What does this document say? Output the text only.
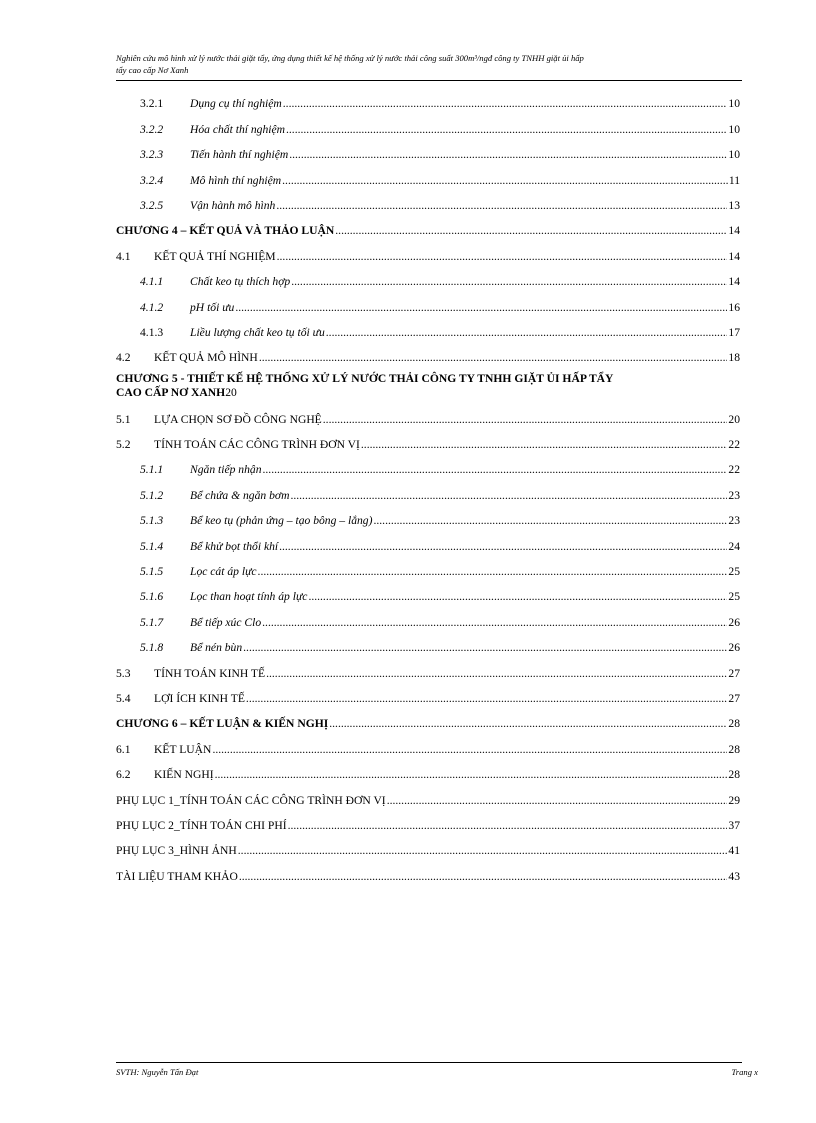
Nghiên cứu mô hình xử lý nước thải giặt tẩy, ứng dụng thiết kế hệ thống xử lý nước thải công suất 300m³/ngđ công ty TNHH giặt ủi hấp
tẩy cao cấp Nơ Xanh
3.2.1	Dụng cụ thí nghiệm .....	10
3.2.2	Hóa chất thí nghiệm .....	10
3.2.3	Tiến hành thí nghiệm .....	10
3.2.4	Mô hình thí nghiệm .....	11
3.2.5	Vận hành mô hình .....	13
CHƯƠNG 4 – KẾT QUẢ VÀ THẢO LUẬN .....	14
4.1	KẾT QUẢ THÍ NGHIỆM .....	14
4.1.1	Chất keo tụ thích hợp .....	14
4.1.2	pH tối ưu .....	16
4.1.3	Liều lượng chất keo tụ tối ưu .....	17
4.2	KẾT QUẢ MÔ HÌNH .....	18
CHƯƠNG 5 - THIẾT KẾ HỆ THỐNG XỬ LÝ NƯỚC THẢI CÔNG TY TNHH GIẶT ỦI HẤP TẨY
CAO CẤP NƠ XANH 20
5.1	LỰA CHỌN SƠ ĐỒ CÔNG NGHỆ .....	20
5.2	TÍNH TOÁN CÁC CÔNG TRÌNH ĐƠN VỊ .....	22
5.1.1	Ngăn tiếp nhận .....	22
5.1.2	Bể chứa & ngăn bơm .....	23
5.1.3	Bể keo tụ (phản ứng – tạo bông – lắng) .....	23
5.1.4	Bể khử bọt thổi khí .....	24
5.1.5	Lọc cát áp lực .....	25
5.1.6	Lọc than hoạt tính áp lực .....	25
5.1.7	Bể tiếp xúc Clo .....	26
5.1.8	Bể nén bùn .....	26
5.3	TÍNH TOÁN KINH TẾ .....	27
5.4	LỢI ÍCH KINH TẾ .....	27
CHƯƠNG 6 – KẾT LUẬN & KIẾN NGHỊ .....	28
6.1	KẾT LUẬN .....	28
6.2	KIẾN NGHỊ .....	28
PHỤ LỤC 1_TÍNH TOÁN CÁC CÔNG TRÌNH ĐƠN VỊ .....	29
PHỤ LỤC 2_TÍNH TOÁN CHI PHÍ .....	37
PHỤ LỤC 3_HÌNH ẢNH .....	41
TÀI LIỆU THAM KHẢO .....	43
SVTH: Nguyễn Tấn Đạt	Trang x
